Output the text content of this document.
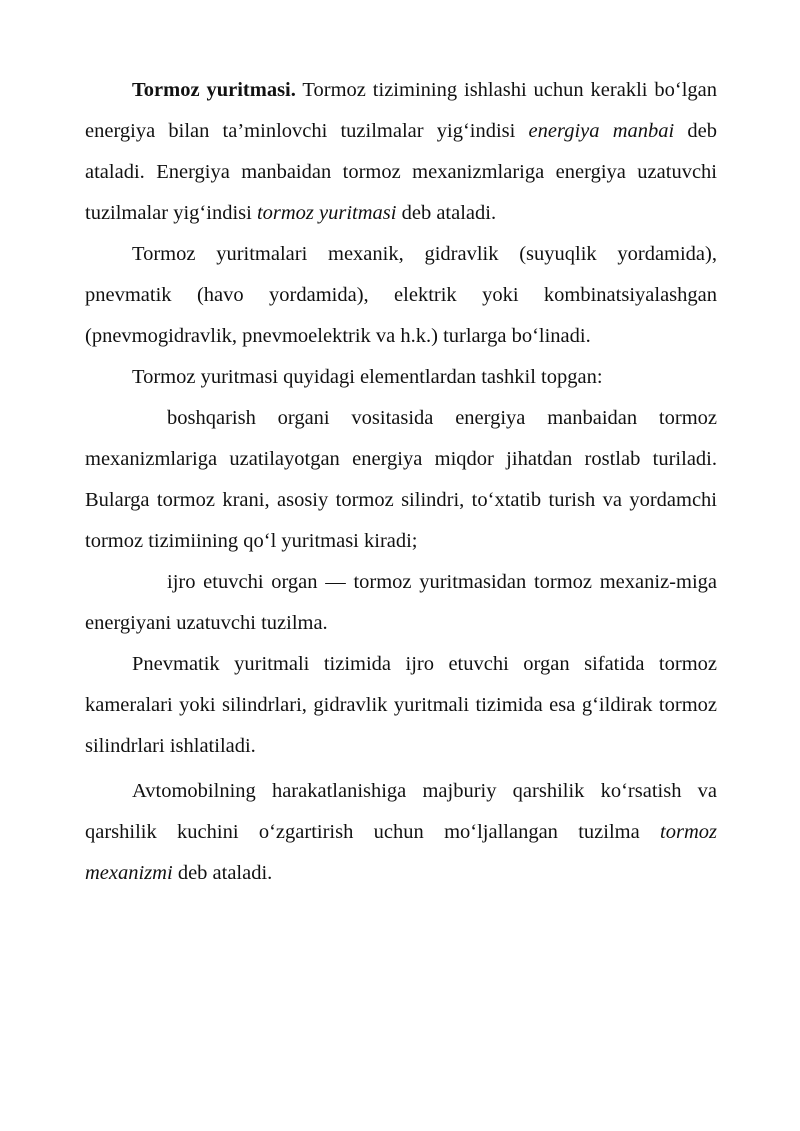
Tormoz yuritmasi. Tormoz tizimining ishlashi uchun kerakli bo‘lgan energiya bilan ta’minlovchi tuzilmalar yig‘indisi energiya manbai deb ataladi. Energiya manbaidan tormoz mexanizmlariga energiya uzatuvchi tuzilmalar yig‘indisi tormoz yuritmasi deb ataladi.

Tormoz yuritmalari mexanik, gidravlik (suyuqlik yordamida), pnevmatik (havo yordamida), elektrik yoki kombinatsiyalashgan (pnevmogidravlik, pnevmoelektrik va h.k.) turlarga bo‘linadi.

Tormoz yuritmasi quyidagi elementlardan tashkil topgan:

boshqarish organi vositasida energiya manbaidan tormoz mexanizmlariga uzatilayotgan energiya miqdor jihatdan rostlab turiladi. Bularga tormoz krani, asosiy tormoz silindri, to‘xtatib turish va yordamchi tormoz tizimiining qo‘l yuritmasi kiradi;

ijro etuvchi organ — tormoz yuritmasidan tormoz mexaniz-miga energiyani uzatuvchi tuzilma.

Pnevmatik yuritmali tizimida ijro etuvchi organ sifatida tormoz kameralari yoki silindrlari, gidravlik yuritmali tizimida esa g‘ildirak tormoz silindrlari ishlatiladi.

Avtomobilning harakatlanishiga majburiy qarshilik ko‘rsatish va qarshilik kuchini o‘zgartirish uchun mo‘ljallangan tuzilma tormoz mexanizmi deb ataladi.
